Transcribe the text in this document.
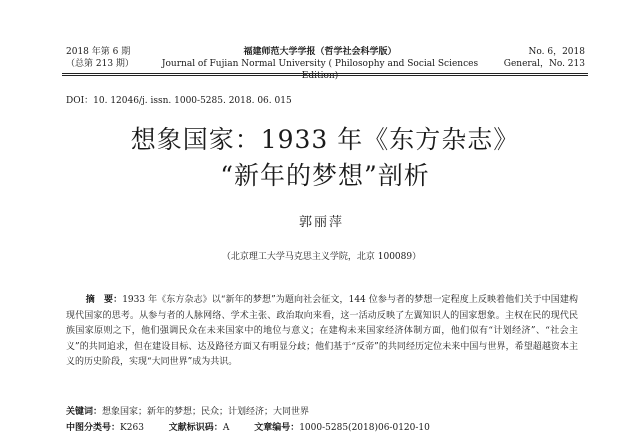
2018 年第 6 期
（总第 213 期）
福建师范大学学报（哲学社会科学版）
Journal of Fujian Normal University ( Philosophy and Social Sciences Edition)
No. 6，2018
General，No. 213
DOI：10. 12046/j. issn. 1000-5285. 2018. 06. 015
想象国家：1933 年《东方杂志》
“新年的梦想”剖析
郭丽萍
（北京理工大学马克思主义学院，北京 100089）

摘　要：1933 年《东方杂志》以“新年的梦想”为题向社会征文，144 位参与者的梦想一定程度上反映着他们关于中国建构现代国家的思考。从参与者的人脉网络、学术主张、政治取向来看，这一活动反映了左翼知识人的国家想象。主权在民的现代民族国家原则之下，他们强调民众在未来国家中的地位与意义；在建构未来国家经济体制方面，他们似有“计划经济”、“社会主义”的共同追求，但在建设目标、达及路径方面又有明显分歧；他们基于“反帝”的共同经历定位未来中国与世界，希望超越资本主义的历史阶段，实现“大同世界”成为共识。

关键词：想象国家；新年的梦想；民众；计划经济；大同世界
中图分类号：K263	文献标识码：A	文章编号：1000-5285(2018)06-0120-10
